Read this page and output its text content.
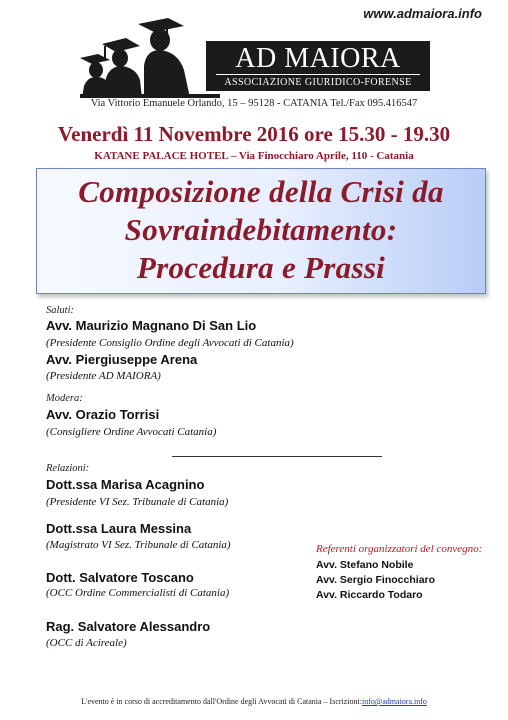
www.admaiora.info
AD MAIORA
ASSOCIAZIONE GIURIDICO-FORENSE
Via Vittorio Emanuele Orlando, 15 – 95128 - CATANIA Tel./Fax 095.416547
Venerdì 11 Novembre 2016 ore 15.30 - 19.30
KATANE PALACE HOTEL – Via Finocchiaro Aprile, 110 - Catania
Composizione della Crisi da
Sovraindebitamento:
Procedura e Prassi
Saluti:
Avv. Maurizio Magnano Di San Lio
(Presidente Consiglio Ordine degli Avvocati di Catania)
Avv. Piergiuseppe Arena
(Presidente AD MAIORA)
Modera:
Avv. Orazio Torrisi
(Consigliere Ordine Avvocati Catania)
Relazioni:
Dott.ssa Marisa Acagnino
(Presidente VI Sez. Tribunale di Catania)
Dott.ssa Laura Messina
(Magistrato VI Sez. Tribunale di Catania)
Dott. Salvatore Toscano
(OCC Ordine Commercialisti di Catania)
Rag. Salvatore Alessandro
(OCC di Acireale)
Referenti organizzatori del convegno:
Avv. Stefano Nobile
Avv. Sergio Finocchiaro
Avv. Riccardo Todaro
L'evento è in corso di accreditamento dall'Ordine degli Avvocati di Catania – Iscrizioni:info@admaiora.info
